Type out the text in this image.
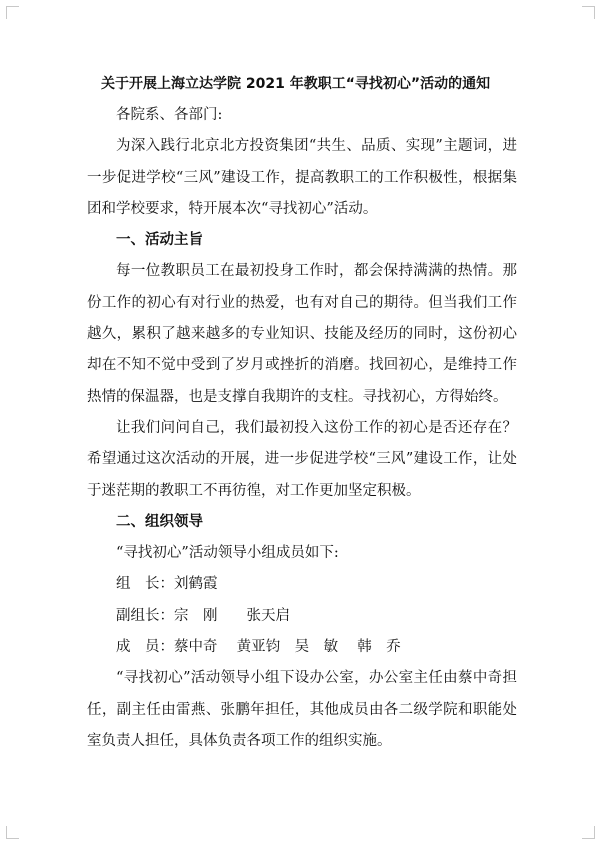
关于开展上海立达学院 2021 年教职工“寻找初心”活动的通知

各院系、各部门:

为深入践行北京北方投资集团“共生、品质、实现”主题词，进一步促进学校“三风”建设工作，提高教职工的工作积极性，根据集团和学校要求，特开展本次“寻找初心”活动。

一、活动主旨

每一位教职员工在最初投身工作时，都会保持满满的热情。那份工作的初心有对行业的热爱，也有对自己的期待。但当我们工作越久，累积了越来越多的专业知识、技能及经历的同时，这份初心却在不知不觉中受到了岁月或挫折的消磨。找回初心，是维持工作热情的保温器，也是支撑自我期许的支柱。寻找初心，方得始终。

让我们问问自己，我们最初投入这份工作的初心是否还存在？希望通过这次活动的开展，进一步促进学校“三风”建设工作，让处于迷茫期的教职工不再彷徨，对工作更加坚定积极。

二、组织领导

“寻找初心”活动领导小组成员如下:

组　长：刘鹤霞
副组长：宗　刚　　张天启
成　员：蔡中奇　 黄亚钧　吴　敏　 韩　乔

“寻找初心”活动领导小组下设办公室，办公室主任由蔡中奇担任，副主任由雷燕、张鹏年担任，其他成员由各二级学院和职能处室负责人担任，具体负责各项工作的组织实施。
